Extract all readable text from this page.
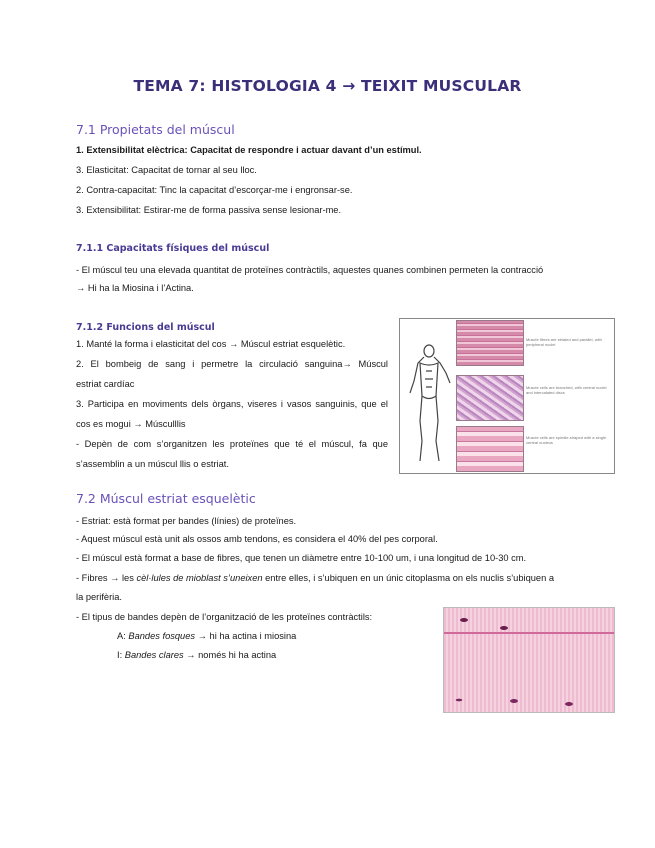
TEMA 7: HISTOLOGIA 4 → TEIXIT MUSCULAR
7.1 Propietats del múscul
1. Extensibilitat elèctrica: Capacitat de respondre i actuar davant d’un estímul.
3. Elasticitat: Capacitat de tornar al seu lloc.
2. Contra-capacitat: Tinc la capacitat d’escorçar-me i engronsar-se.
3. Extensibilitat: Estirar-me de forma passiva sense lesionar-me.
7.1.1 Capacitats físiques del múscul
- El múscul teu una elevada quantitat de proteïnes contràctils, aquestes quanes combinen permeten la contracció
→ Hi ha la Miosina i l’Actina.
7.1.2 Funcions del múscul
1. Manté la forma i elasticitat del cos → Múscul estriat esquelètic.
2. El bombeig de sang i permetre la circulació sanguina→ Múscul
estriat cardíac
3. Participa en moviments dels òrgans, viseres i vasos sanguinis, que el
cos es mogui → Músculllis
- Depèn de com s’organitzen les proteïnes que té el múscul, fa que
s’assemblin a un múscul llis o estriat.
Muscle fibres are striated and parallel, with peripheral nuclei
Muscle cells are branched, with central nuclei and intercalated discs
Muscle cells are spindle-shaped with a single central nucleus
7.2 Múscul estriat esquelètic
- Estriat: està format per bandes (línies) de proteïnes.
- Aquest múscul està unit als ossos amb tendons, es considera el 40% del pes corporal.
- El múscul està format a base de fibres, que tenen un diàmetre entre 10-100 um, i una longitud de 10-30 cm.
- Fibres → les cèl·lules de mioblast s’uneixen entre elles, i s’ubiquen en un únic citoplasma on els nuclis s’ubiquen a
la perifèria.
- El tipus de bandes depèn de l’organització de les proteïnes contràctils:
A: Bandes fosques → hi ha actina i miosina
I: Bandes clares → només hi ha actina
